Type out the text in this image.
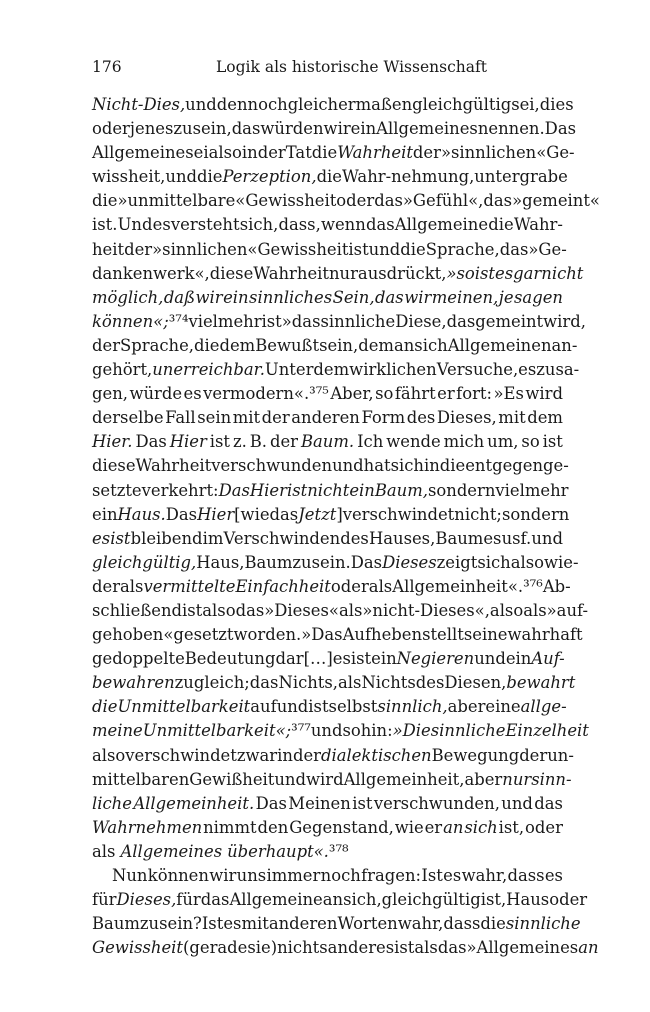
176	Logik als historische Wissenschaft
Nicht-Dies, und dennoch gleichermaßen gleichgültig sei, dies
oder jenes zu sein, das würden wir ein Allgemeines nennen. Das
Allgemeine sei also in der Tat die Wahrheit der »sinnlichen« Ge-
wissheit, und die Perzeption, die Wahr-nehmung, untergrabe
die »unmittelbare« Gewissheit oder das »Gefühl«, das »gemeint«
ist. Und es versteht sich, dass, wenn das Allgemeine die Wahr-
heit der »sinnlichen« Gewissheit ist und die Sprache, das »Ge-
dankenwerk«, diese Wahrheit nur ausdrückt, »so ist es gar nicht
möglich, daß wir ein sinnliches Sein, das wir meinen, je sagen
können«;³⁷⁴ vielmehr ist »das sinnliche Diese, das gemeint wird,
der Sprache, die dem Bewußtsein, dem an sich Allgemeinen an-
gehört, unerreichbar. Unter dem wirklichen Versuche, es zu sa-
gen, würde es vermodern«.³⁷⁵ Aber, so fährt er fort: »Es wird
derselbe Fall sein mit der anderen Form des Dieses, mit dem
Hier. Das Hier ist z. B. der Baum. Ich wende mich um, so ist
diese Wahrheit verschwunden und hat sich in die entgegenge-
setzte verkehrt: Das Hier ist nicht ein Baum, sondern vielmehr
ein Haus. Das Hier [wie das Jetzt] verschwindet nicht; sondern
es ist bleibend im Verschwinden des Hauses, Baumes usf. und
gleichgültig, Haus, Baum zu sein. Das Dieses zeigt sich also wie-
der als vermittelte Einfachheit oder als Allgemeinheit«.³⁷⁶ Ab-
schließend ist also das »Dieses« als »nicht-Dieses«, also als »auf-
gehoben« gesetzt worden. »Das Aufheben stellt seine wahrhaft
gedoppelte Bedeutung dar […] es ist ein Negieren und ein Auf-
bewahren zugleich; das Nichts, als Nichts des Diesen, bewahrt
die Unmittelbarkeit auf und ist selbst sinnlich, aber eine allge-
meine Unmittelbarkeit«;³⁷⁷ und sohin: »Die sinnliche Einzelheit
also verschwindet zwar in der dialektischen Bewegung der un-
mittelbaren Gewißheit und wird Allgemeinheit, aber nur sinn-
liche Allgemeinheit. Das Meinen ist verschwunden, und das
Wahrnehmen nimmt den Gegenstand, wie er an sich ist, oder
als Allgemeines überhaupt«.³⁷⁸
Nun können wir uns immer noch fragen: Ist es wahr, dass es
für Dieses, für das Allgemeine an sich, gleichgültig ist, Haus oder
Baum zu sein? Ist es mit anderen Worten wahr, dass die sinnliche
Gewissheit (gerade sie) nichts anderes ist als das »Allgemeines an
